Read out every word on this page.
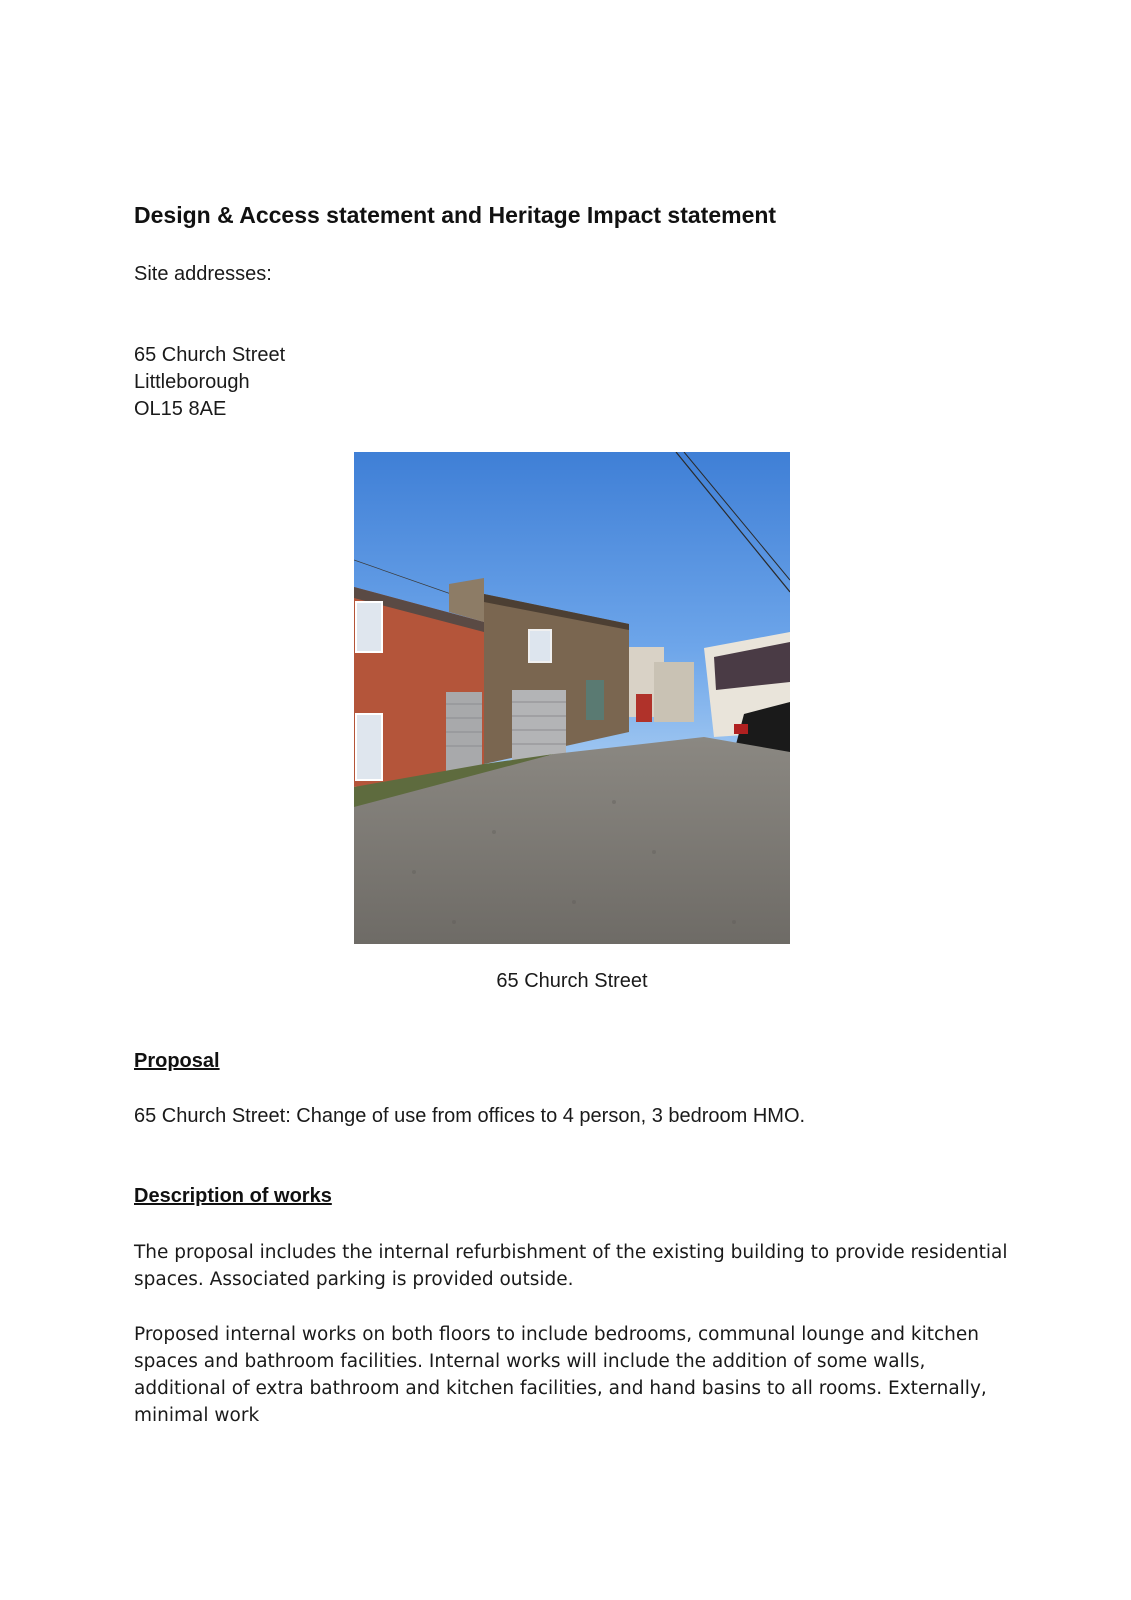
Design & Access statement and Heritage Impact statement

Site addresses:

65 Church Street
Littleborough
OL15 8AE

65 Church Street

Proposal

65 Church Street: Change of use from offices to 4 person, 3 bedroom HMO.

Description of works

The proposal includes the internal refurbishment of the existing building to provide residential spaces. Associated parking is provided outside.

Proposed internal works on both floors to include bedrooms, communal lounge and kitchen spaces and bathroom facilities. Internal works will include the addition of some walls, additional of extra bathroom and kitchen facilities, and hand basins to all rooms. Externally, minimal work
